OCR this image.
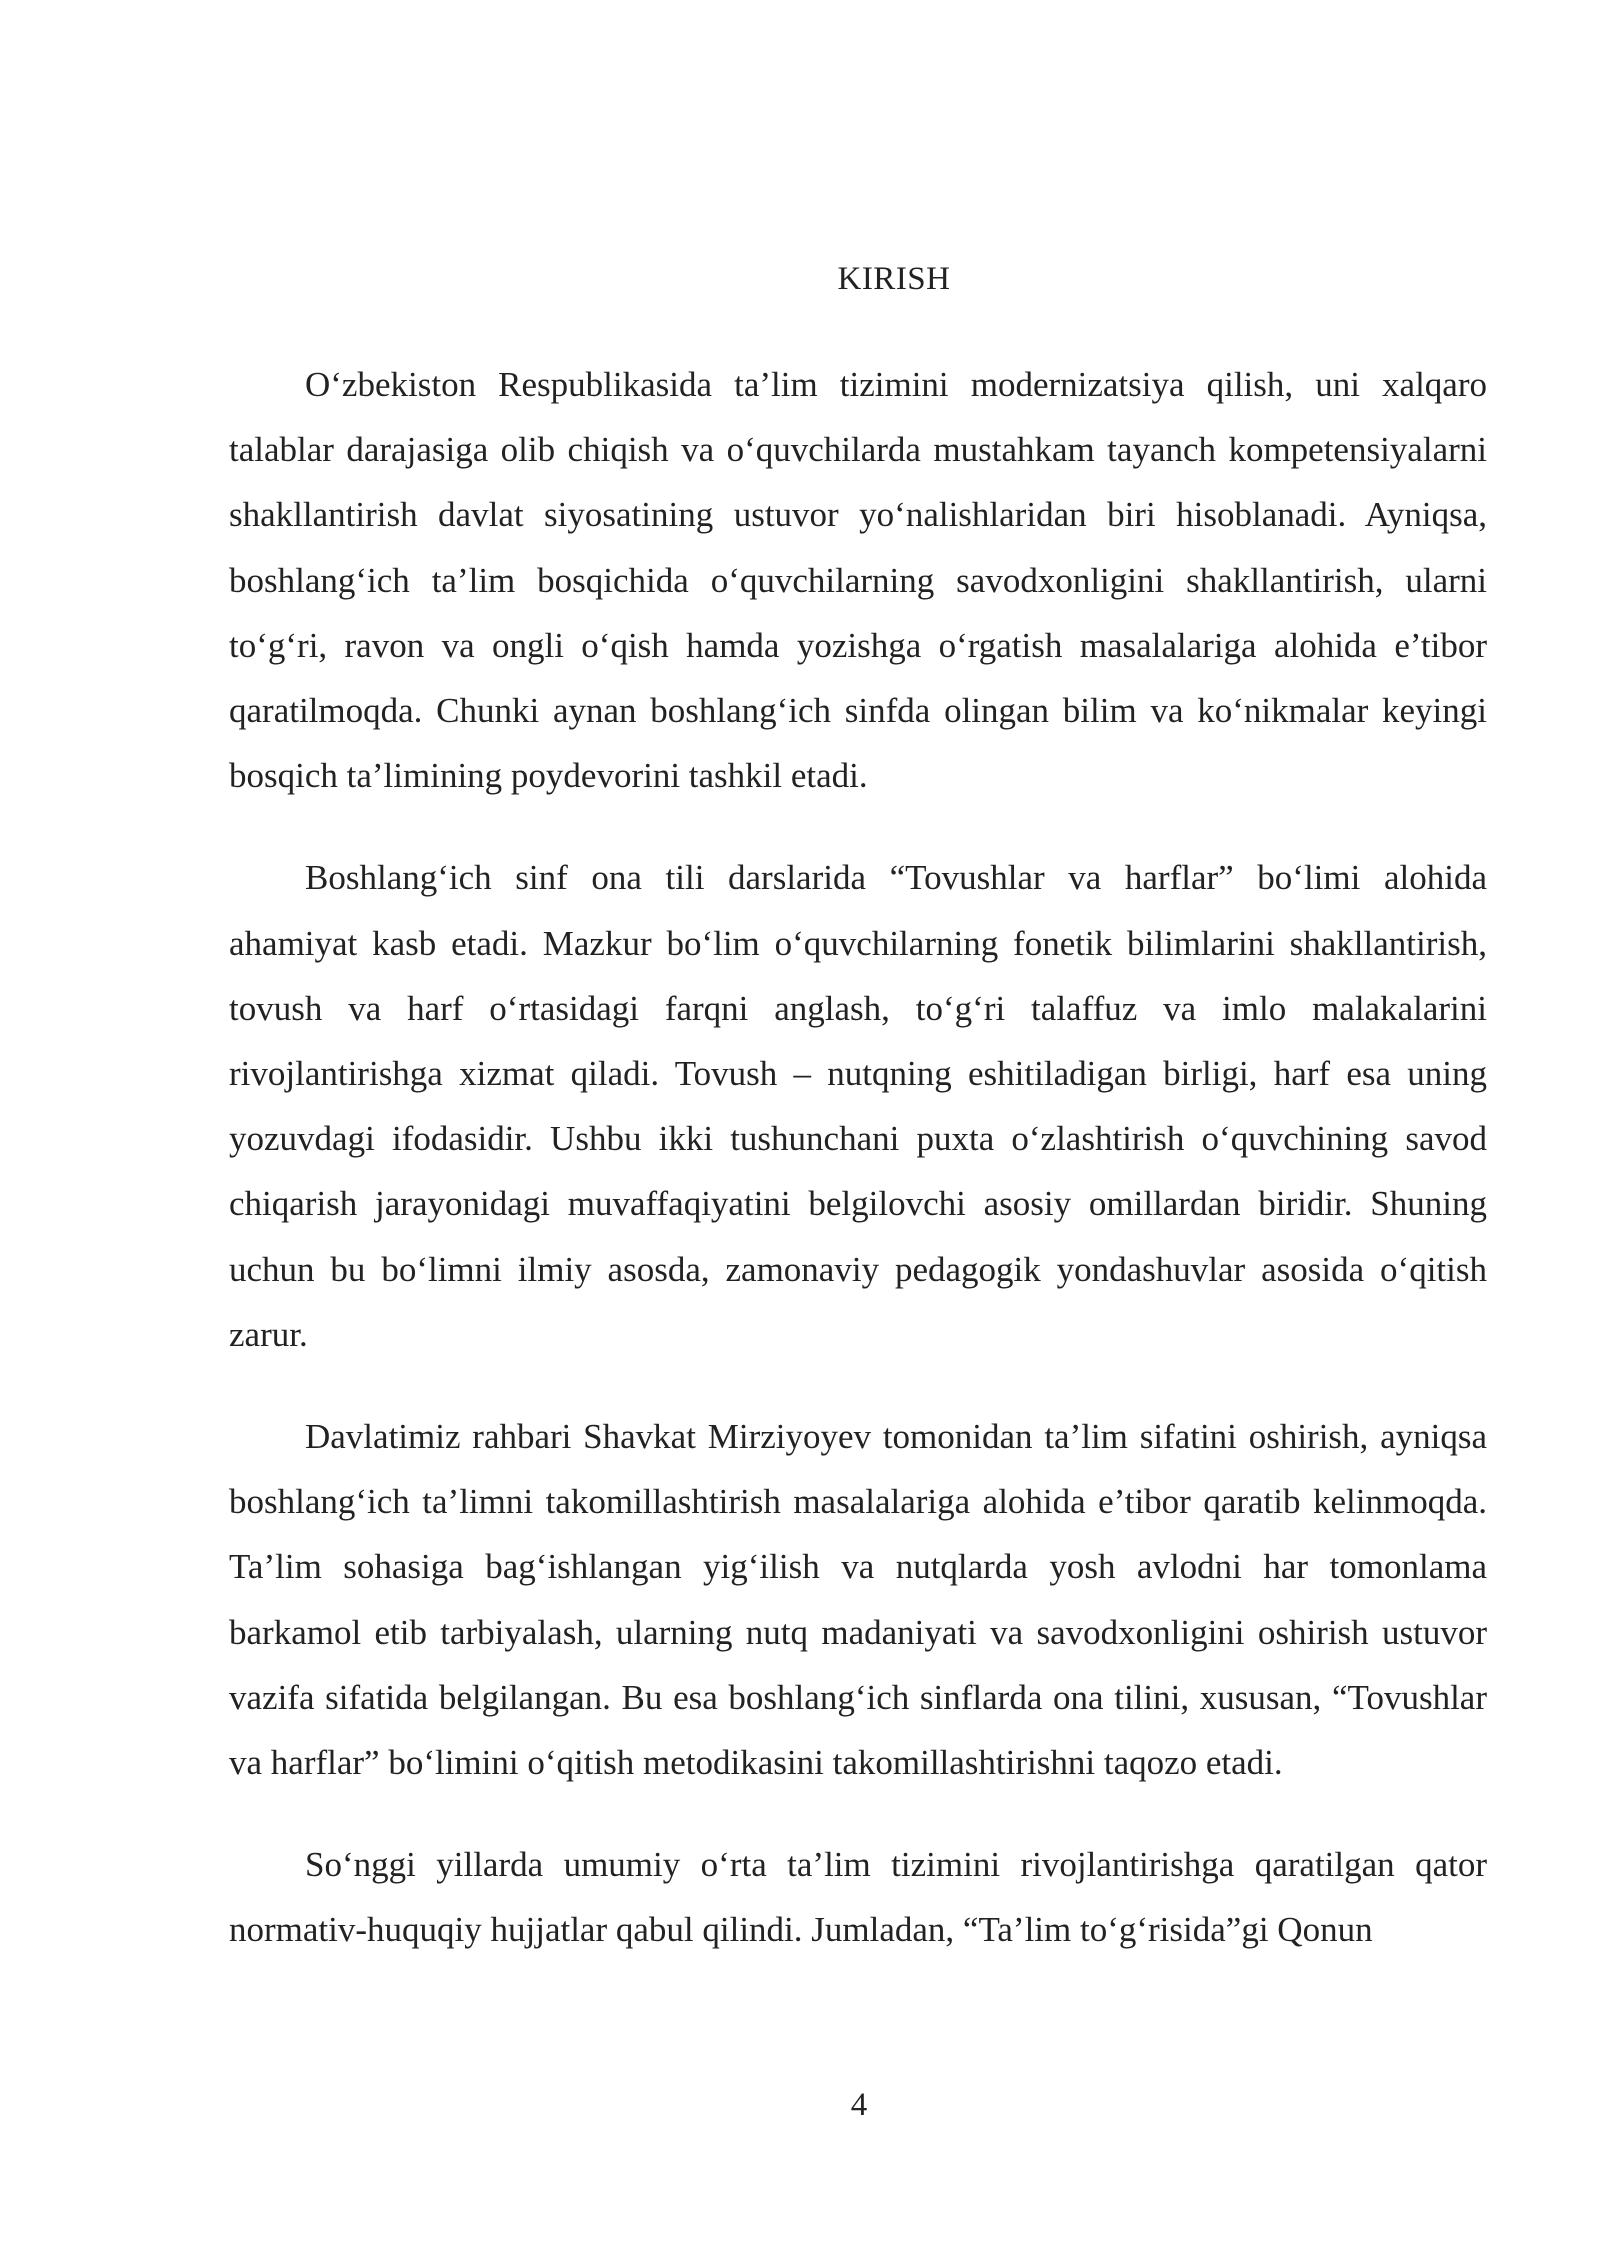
KIRISH

O‘zbekiston Respublikasida ta’lim tizimini modernizatsiya qilish, uni xalqaro talablar darajasiga olib chiqish va o‘quvchilarda mustahkam tayanch kompetensiyalarni shakllantirish davlat siyosatining ustuvor yo‘nalishlaridan biri hisoblanadi. Ayniqsa, boshlang‘ich ta’lim bosqichida o‘quvchilarning savodxonligini shakllantirish, ularni to‘g‘ri, ravon va ongli o‘qish hamda yozishga o‘rgatish masalalariga alohida e’tibor qaratilmoqda. Chunki aynan boshlang‘ich sinfda olingan bilim va ko‘nikmalar keyingi bosqich ta’limining poydevorini tashkil etadi.

Boshlang‘ich sinf ona tili darslarida “Tovushlar va harflar” bo‘limi alohida ahamiyat kasb etadi. Mazkur bo‘lim o‘quvchilarning fonetik bilimlarini shakllantirish, tovush va harf o‘rtasidagi farqni anglash, to‘g‘ri talaffuz va imlo malakalarini rivojlantirishga xizmat qiladi. Tovush – nutqning eshitiladigan birligi, harf esa uning yozuvdagi ifodasidir. Ushbu ikki tushunchani puxta o‘zlashtirish o‘quvchining savod chiqarish jarayonidagi muvaffaqiyatini belgilovchi asosiy omillardan biridir. Shuning uchun bu bo‘limni ilmiy asosda, zamonaviy pedagogik yondashuvlar asosida o‘qitish zarur.

Davlatimiz rahbari Shavkat Mirziyoyev tomonidan ta’lim sifatini oshirish, ayniqsa boshlang‘ich ta’limni takomillashtirish masalalariga alohida e’tibor qaratib kelinmoqda. Ta’lim sohasiga bag‘ishlangan yig‘ilish va nutqlarda yosh avlodni har tomonlama barkamol etib tarbiyalash, ularning nutq madaniyati va savodxonligini oshirish ustuvor vazifa sifatida belgilangan. Bu esa boshlang‘ich sinflarda ona tilini, xususan, “Tovushlar va harflar” bo‘limini o‘qitish metodikasini takomillashtirishni taqozo etadi.

So‘nggi yillarda umumiy o‘rta ta’lim tizimini rivojlantirishga qaratilgan qator normativ-huquqiy hujjatlar qabul qilindi. Jumladan, “Ta’lim to‘g‘risida”gi Qonun

4
